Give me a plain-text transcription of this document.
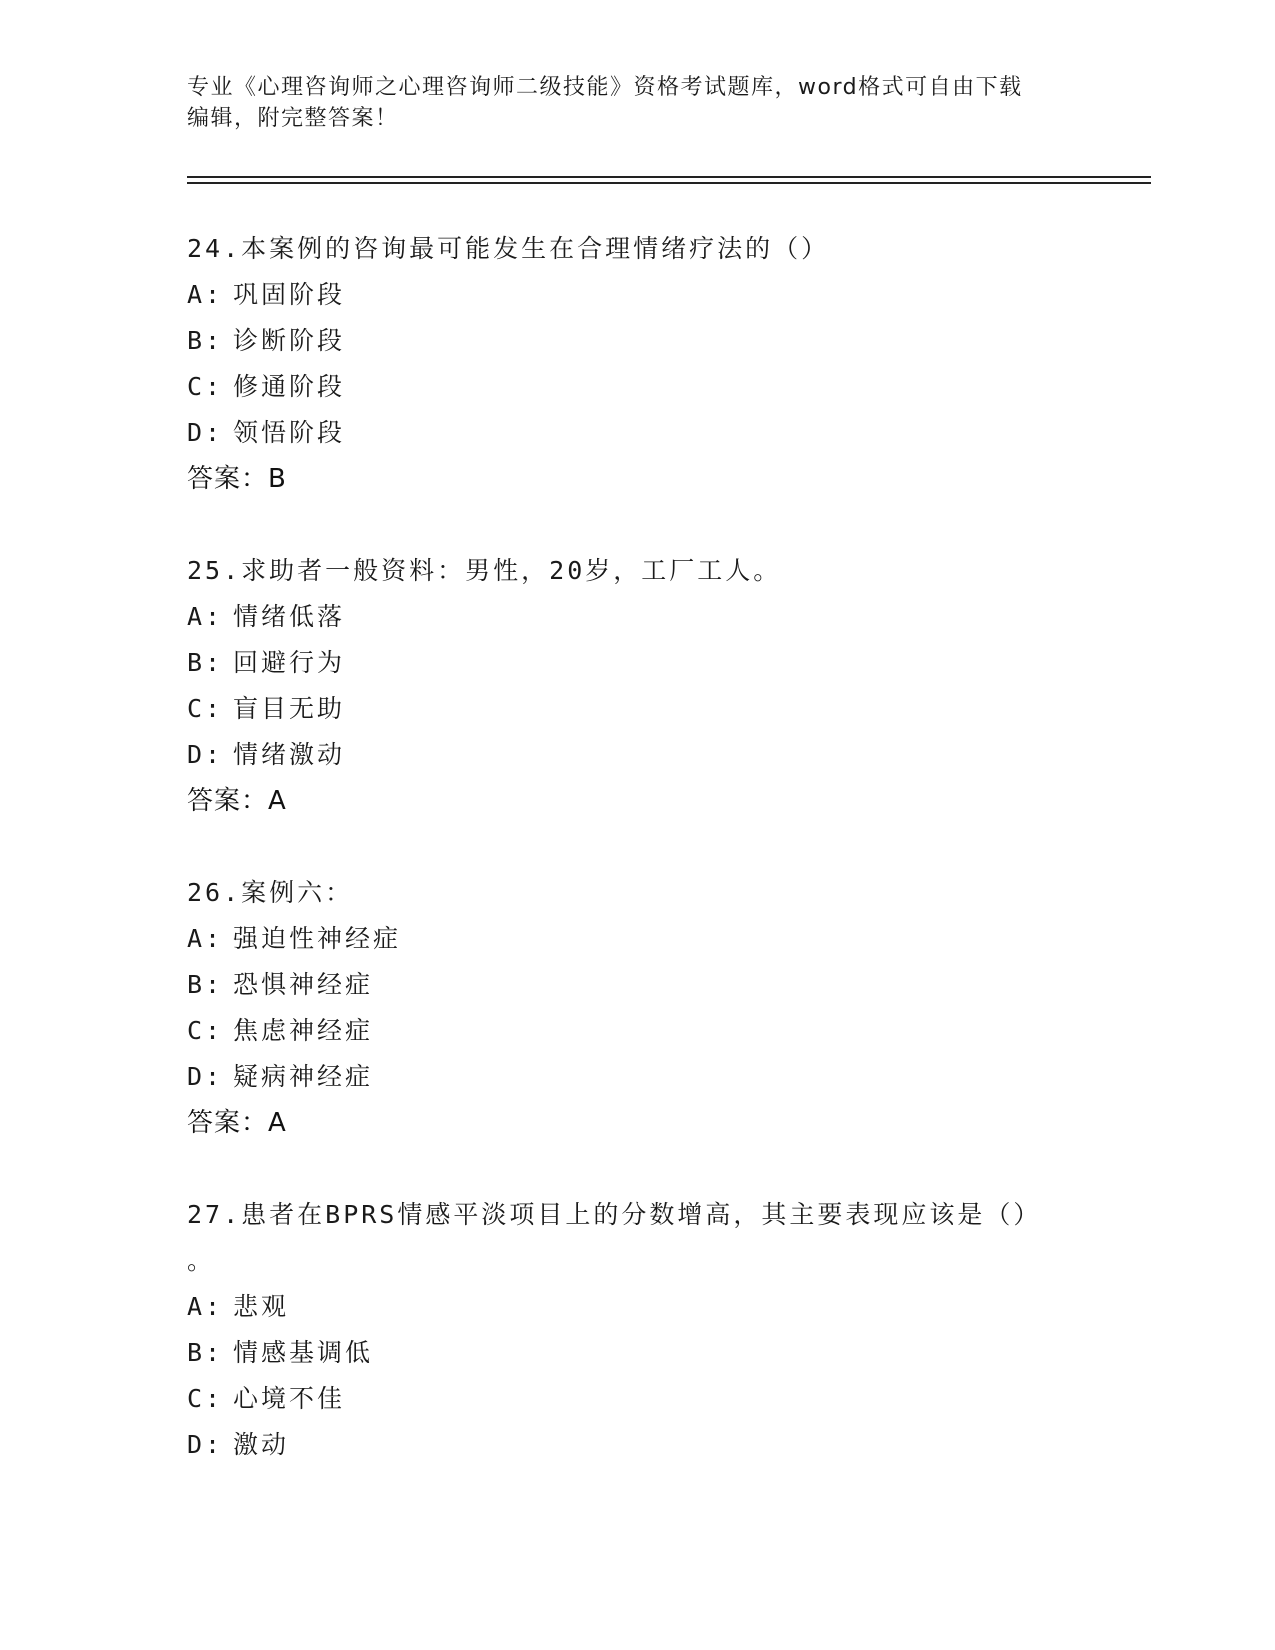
专业《心理咨询师之心理咨询师二级技能》资格考试题库，word格式可自由下载
编辑，附完整答案！
24.本案例的咨询最可能发生在合理情绪疗法的（）
A: 巩固阶段
B: 诊断阶段
C: 修通阶段
D: 领悟阶段
答案：B
25.求助者一般资料：男性，20岁，工厂工人。
A: 情绪低落
B: 回避行为
C: 盲目无助
D: 情绪激动
答案：A
26.案例六：
A: 强迫性神经症
B: 恐惧神经症
C: 焦虑神经症
D: 疑病神经症
答案：A
27.患者在BPRS情感平淡项目上的分数增高，其主要表现应该是（）
。
A: 悲观
B: 情感基调低
C: 心境不佳
D: 激动
